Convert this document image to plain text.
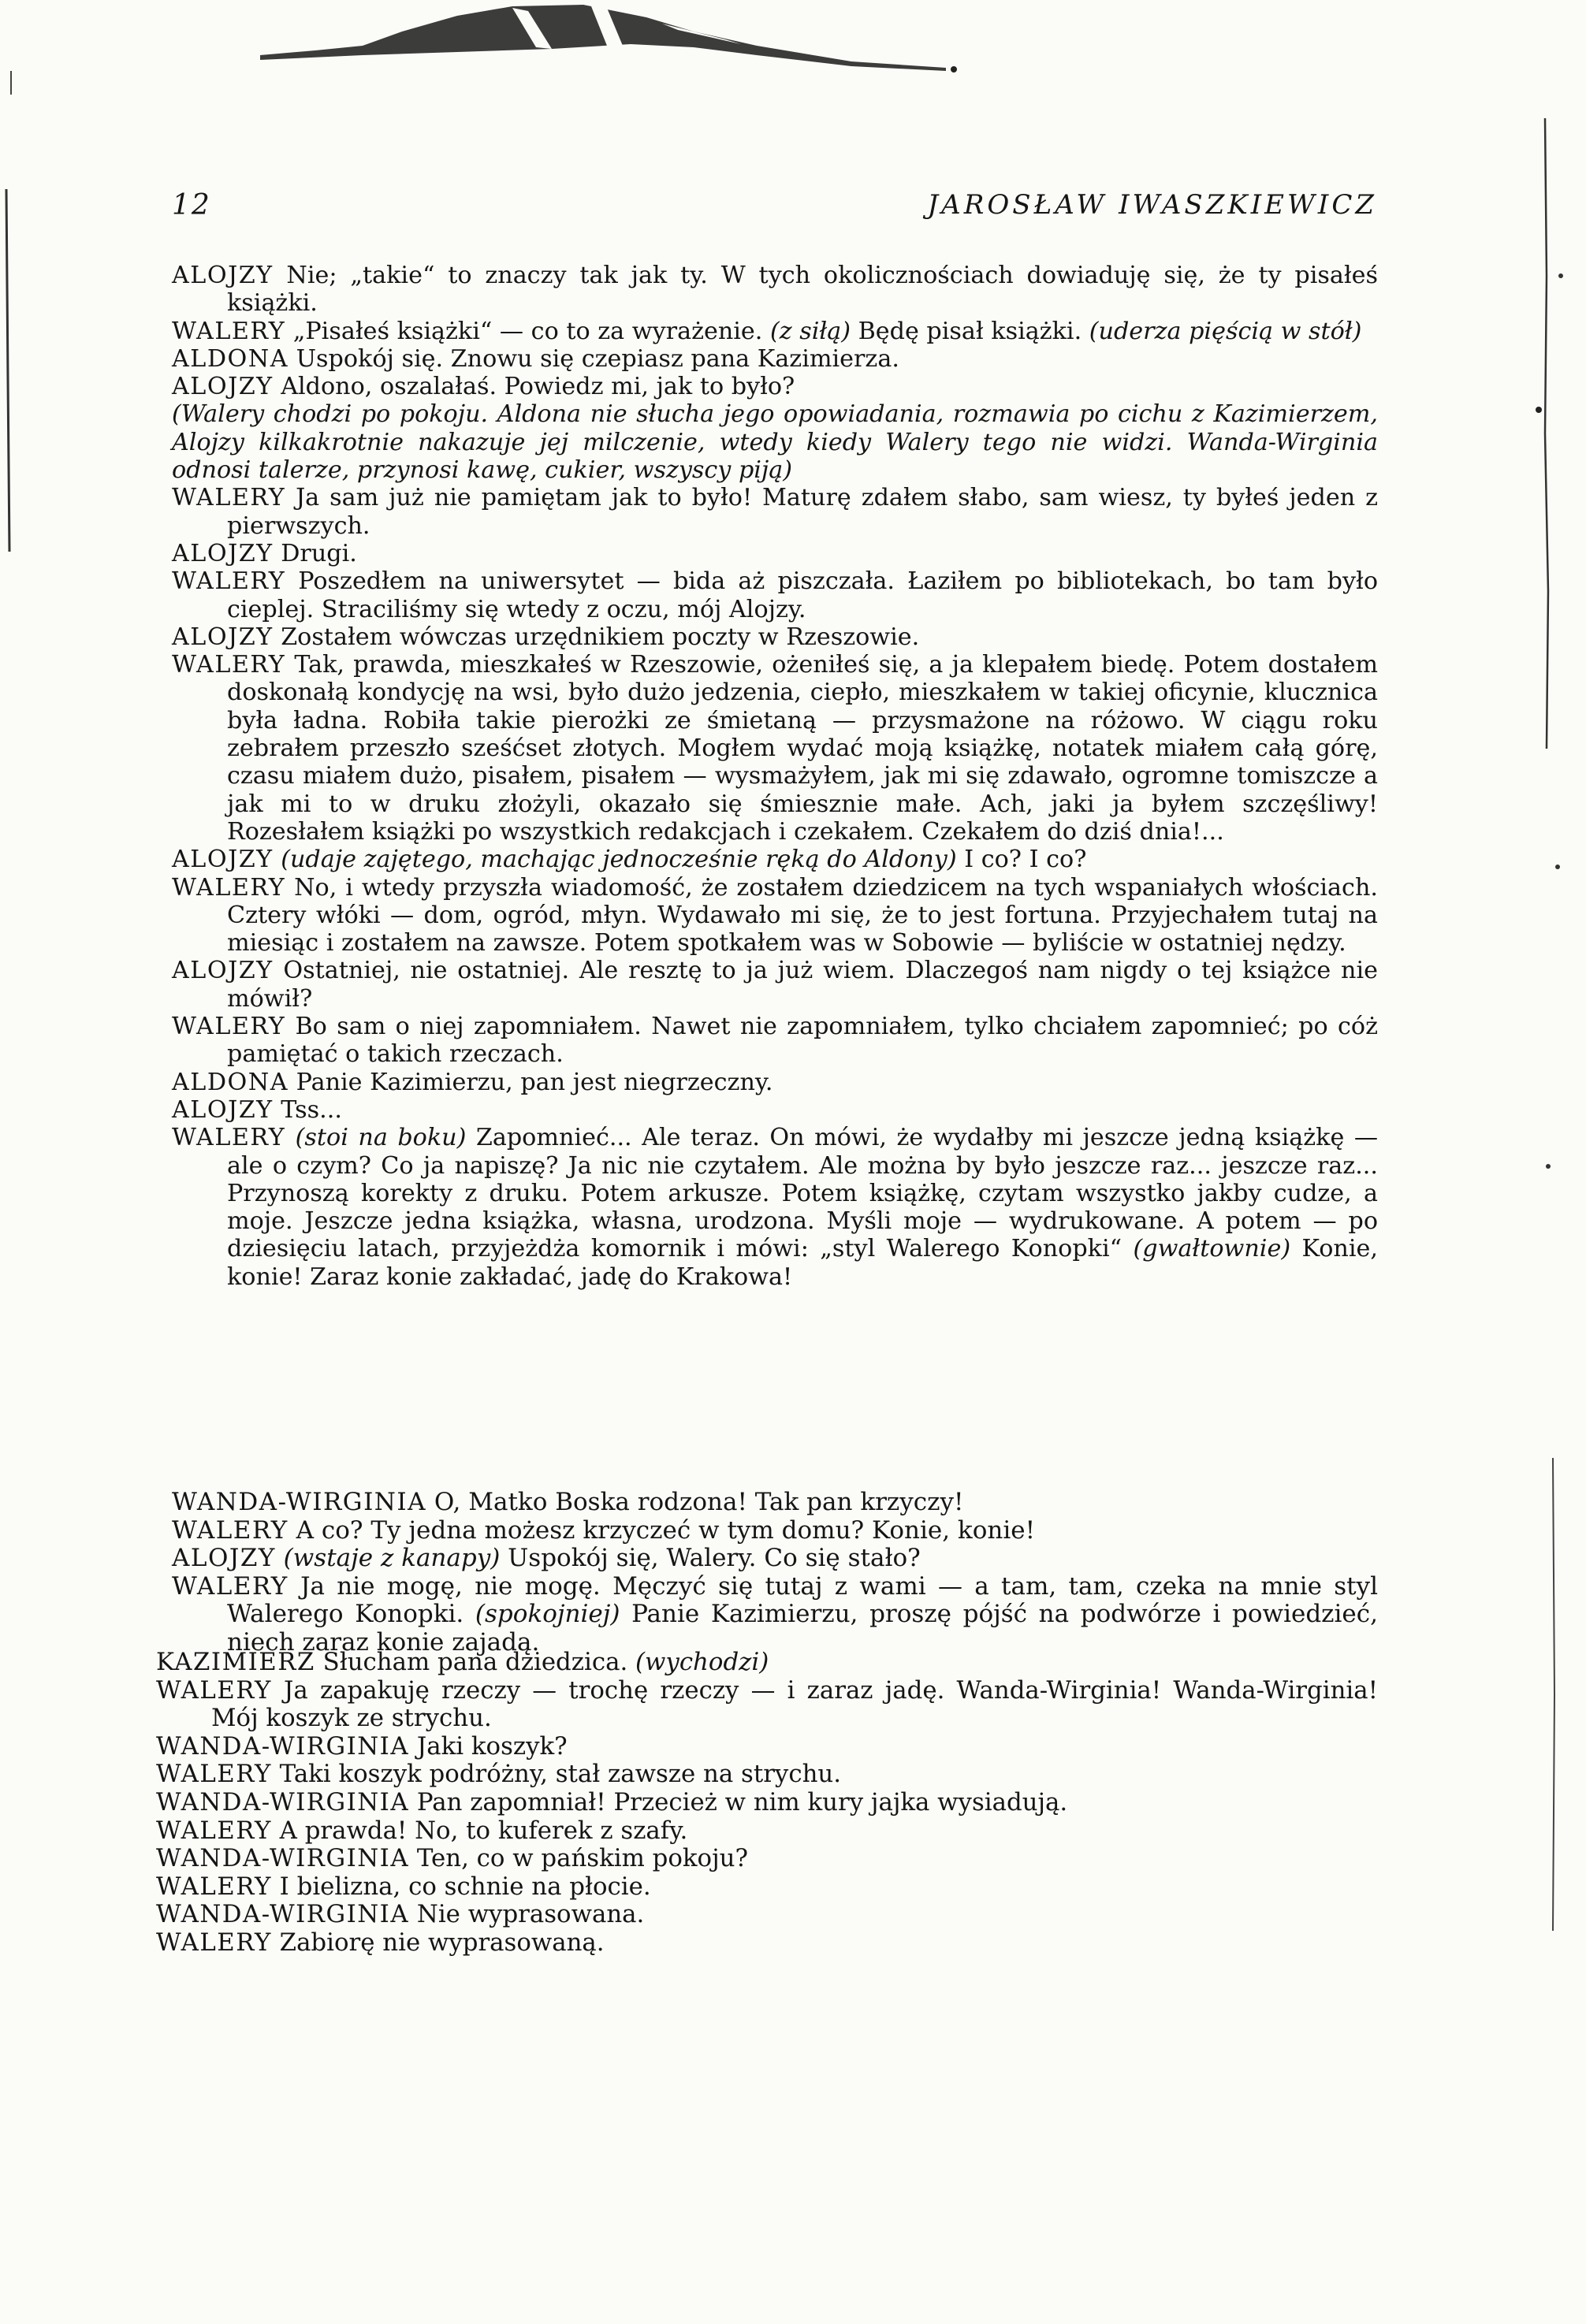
12	JAROSŁAW IWASZKIEWICZ

ALOJZY Nie; „takie“ to znaczy tak jak ty. W tych okolicznościach dowiaduję się, że ty pisałeś książki.

WALERY „Pisałeś książki“ — co to za wyrażenie. (z siłą) Będę pisał książki. (uderza pięścią w stół)

ALDONA Uspokój się. Znowu się czepiasz pana Kazimierza.

ALOJZY Aldono, oszalałaś. Powiedz mi, jak to było?

(Walery chodzi po pokoju. Aldona nie słucha jego opowiadania, rozmawia po cichu z Kazimierzem, Alojzy kilkakrotnie nakazuje jej milczenie, wtedy kiedy Walery tego nie widzi. Wanda-Wirginia odnosi talerze, przynosi kawę, cukier, wszyscy piją)

WALERY Ja sam już nie pamiętam jak to było! Maturę zdałem słabo, sam wiesz, ty byłeś jeden z pierwszych.

ALOJZY Drugi.

WALERY Poszedłem na uniwersytet — bida aż piszczała. Łaziłem po bibliotekach, bo tam było cieplej. Straciliśmy się wtedy z oczu, mój Alojzy.

ALOJZY Zostałem wówczas urzędnikiem poczty w Rzeszowie.

WALERY Tak, prawda, mieszkałeś w Rzeszowie, ożeniłeś się, a ja klepałem biedę. Potem dostałem doskonałą kondycję na wsi, było dużo jedzenia, ciepło, mieszkałem w takiej oficynie, klucznica była ładna. Robiła takie pierożki ze śmietaną — przysmażone na różowo. W ciągu roku zebrałem przeszło sześćset złotych. Mogłem wydać moją książkę, notatek miałem całą górę, czasu miałem dużo, pisałem, pisałem — wysmażyłem, jak mi się zdawało, ogromne tomiszcze a jak mi to w druku złożyli, okazało się śmiesznie małe. Ach, jaki ja byłem szczęśliwy! Rozesłałem książki po wszystkich redakcjach i czekałem. Czekałem do dziś dnia!...

ALOJZY (udaje zajętego, machając jednocześnie ręką do Aldony) I co? I co?

WALERY No, i wtedy przyszła wiadomość, że zostałem dziedzicem na tych wspaniałych włościach. Cztery włóki — dom, ogród, młyn. Wydawało mi się, że to jest fortuna. Przyjechałem tutaj na miesiąc i zostałem na zawsze. Potem spotkałem was w Sobowie — byliście w ostatniej nędzy.

ALOJZY Ostatniej, nie ostatniej. Ale resztę to ja już wiem. Dlaczegoś nam nigdy o tej książce nie mówił?

WALERY Bo sam o niej zapomniałem. Nawet nie zapomniałem, tylko chciałem zapomnieć; po cóż pamiętać o takich rzeczach.

ALDONA Panie Kazimierzu, pan jest niegrzeczny.

ALOJZY Tss...

WALERY (stoi na boku) Zapomnieć... Ale teraz. On mówi, że wydałby mi jeszcze jedną książkę — ale o czym? Co ja napiszę? Ja nic nie czytałem. Ale można by było jeszcze raz... jeszcze raz... Przynoszą korekty z druku. Potem arkusze. Potem książkę, czytam wszystko jakby cudze, a moje. Jeszcze jedna książka, własna, urodzona. Myśli moje — wydrukowane. A potem — po dziesięciu latach, przyjeżdża komornik i mówi: „styl Walerego Konopki“ (gwałtownie) Konie, konie! Zaraz konie zakładać, jadę do Krakowa!

WANDA-WIRGINIA O, Matko Boska rodzona! Tak pan krzyczy!

WALERY A co? Ty jedna możesz krzyczeć w tym domu? Konie, konie!

ALOJZY (wstaje z kanapy) Uspokój się, Walery. Co się stało?

WALERY Ja nie mogę, nie mogę. Męczyć się tutaj z wami — a tam, tam, czeka na mnie styl Walerego Konopki. (spokojniej) Panie Kazimierzu, proszę pójść na podwórze i powiedzieć, niech zaraz konie zajadą.

KAZIMIERZ Słucham pana dziedzica. (wychodzi)

WALERY Ja zapakuję rzeczy — trochę rzeczy — i zaraz jadę. Wanda-Wirginia! Wanda-Wirginia! Mój koszyk ze strychu.

WANDA-WIRGINIA Jaki koszyk?

WALERY Taki koszyk podróżny, stał zawsze na strychu.

WANDA-WIRGINIA Pan zapomniał! Przecież w nim kury jajka wysiadują.

WALERY A prawda! No, to kuferek z szafy.

WANDA-WIRGINIA Ten, co w pańskim pokoju?

WALERY I bielizna, co schnie na płocie.

WANDA-WIRGINIA Nie wyprasowana.

WALERY Zabiorę nie wyprasowaną.
